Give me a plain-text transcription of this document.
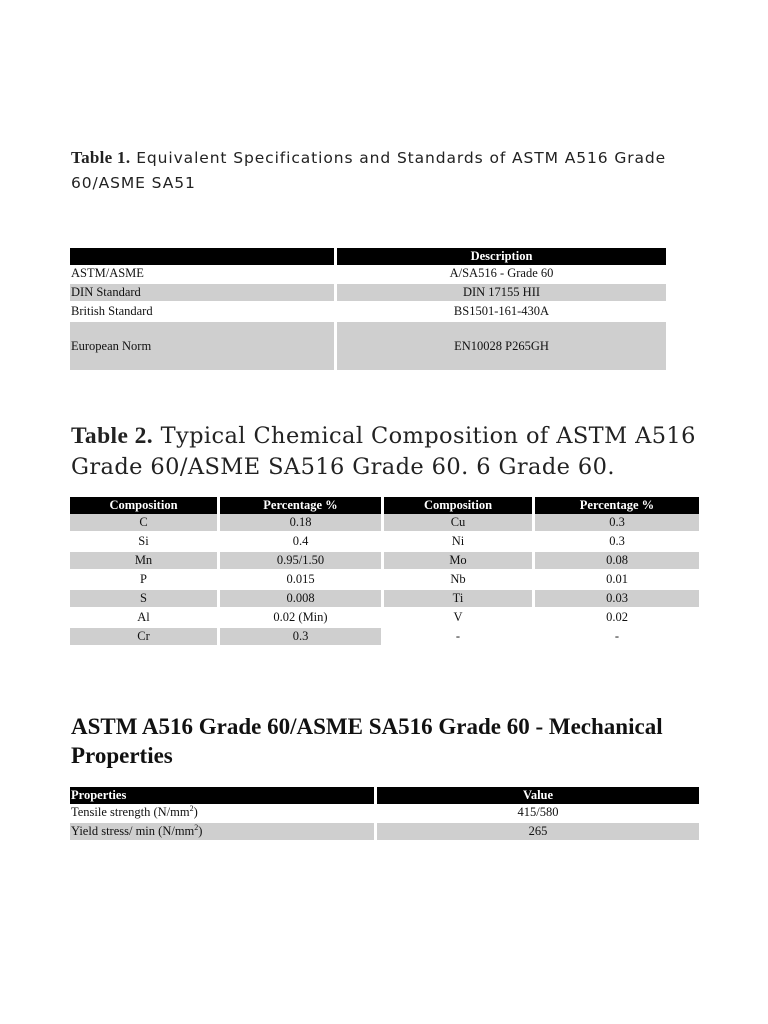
Table 1. Equivalent Specifications and Standards of ASTM A516 Grade 60/ASME SA51
	Description
ASTM/ASME	A/SA516 - Grade 60
DIN Standard	DIN 17155 HII
British Standard	BS1501-161-430A
European Norm	EN10028 P265GH
Table 2. Typical Chemical Composition of ASTM A516 Grade 60/ASME SA516 Grade 60. 6 Grade 60.
Composition	Percentage %	Composition	Percentage %
C	0.18	Cu	0.3
Si	0.4	Ni	0.3
Mn	0.95/1.50	Mo	0.08
P	0.015	Nb	0.01
S	0.008	Ti	0.03
Al	0.02 (Min)	V	0.02
Cr	0.3	-	-
ASTM A516 Grade 60/ASME SA516 Grade 60 - Mechanical Properties
Properties	Value
Tensile strength $(N/mm^2)$	415/580
Yield stress/ $\min (N/mm^2)$	265
